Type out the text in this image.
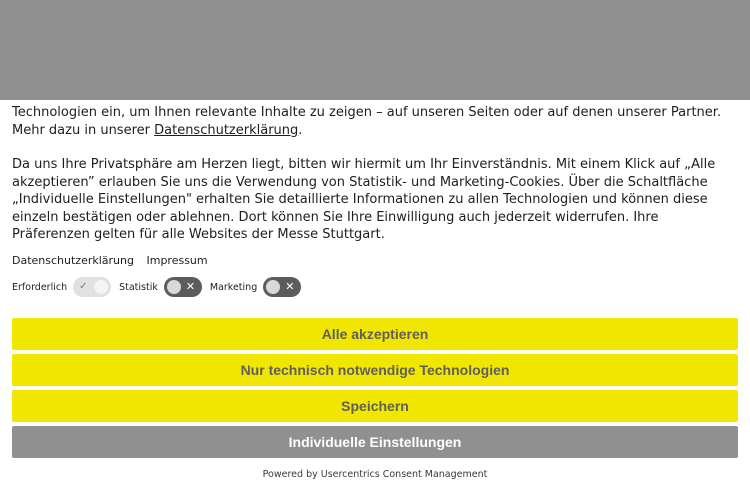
Technologien ein, um Ihnen relevante Inhalte zu zeigen – auf unseren Seiten oder auf denen unserer Partner. Mehr dazu in unserer Datenschutzerklärung.

Da uns Ihre Privatsphäre am Herzen liegt, bitten wir hiermit um Ihr Einverständnis. Mit einem Klick auf „Alle akzeptieren” erlauben Sie uns die Verwendung von Statistik- und Marketing-Cookies. Über die Schaltfläche „Individuelle Einstellungen" erhalten Sie detaillierte Informationen zu allen Technologien und können diese einzeln bestätigen oder ablehnen. Dort können Sie Ihre Einwilligung auch jederzeit widerrufen. Ihre Präferenzen gelten für alle Websites der Messe Stuttgart.

Datenschutzerklärung Impressum
Erforderlich ✓	Statistik	✕ Marketing	✕
Alle akzeptieren
Nur technisch notwendige Technologien
Speichern
Individuelle Einstellungen
Powered by Usercentrics Consent Management
